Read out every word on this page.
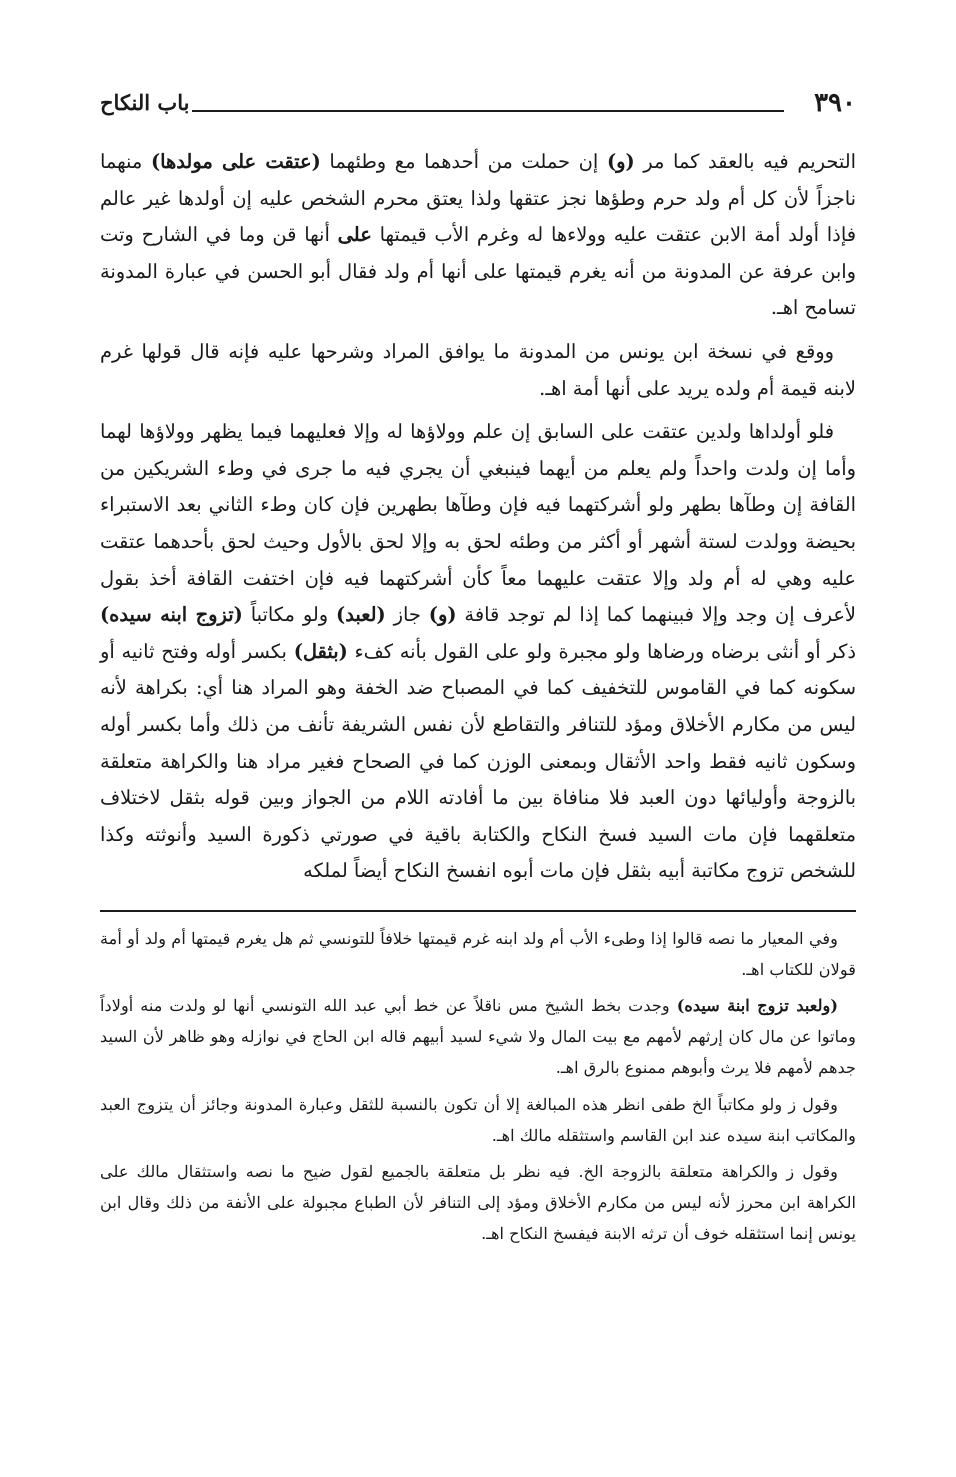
٣٩٠
باب النكاح

التحريم فيه بالعقد كما مر (و) إن حملت من أحدهما مع وطئهما (عتقت على مولدها) منهما ناجزاً لأن كل أم ولد حرم وطؤها نجز عتقها ولذا يعتق محرم الشخص عليه إن أولدها غير عالم فإذا أولد أمة الابن عتقت عليه وولاءها له وغرم الأب قيمتها على أنها قن وما في الشارح وتت وابن عرفة عن المدونة من أنه يغرم قيمتها على أنها أم ولد فقال أبو الحسن في عبارة المدونة تسامح اهـ.

ووقع في نسخة ابن يونس من المدونة ما يوافق المراد وشرحها عليه فإنه قال قولها غرم لابنه قيمة أم ولده يريد على أنها أمة اهـ.

فلو أولداها ولدين عتقت على السابق إن علم وولاؤها له وإلا فعليهما فيما يظهر وولاؤها لهما وأما إن ولدت واحداً ولم يعلم من أيهما فينبغي أن يجري فيه ما جرى في وطء الشريكين من القافة إن وطآها بطهر ولو أشركتهما فيه فإن وطآها بطهرين فإن كان وطء الثاني بعد الاستبراء بحيضة وولدت لستة أشهر أو أكثر من وطئه لحق به وإلا لحق بالأول وحيث لحق بأحدهما عتقت عليه وهي له أم ولد وإلا عتقت عليهما معاً كأن أشركتهما فيه فإن اختفت القافة أخذ بقول لأعرف إن وجد وإلا فبينهما كما إذا لم توجد قافة (و) جاز (لعبد) ولو مكاتباً (تزوج ابنه سيده) ذكر أو أنثى برضاه ورضاها ولو مجبرة ولو على القول بأنه كفء (بثقل) بكسر أوله وفتح ثانيه أو سكونه كما في القاموس للتخفيف كما في المصباح ضد الخفة وهو المراد هنا أي: بكراهة لأنه ليس من مكارم الأخلاق ومؤد للتنافر والتقاطع لأن نفس الشريفة تأنف من ذلك وأما بكسر أوله وسكون ثانيه فقط واحد الأثقال وبمعنى الوزن كما في الصحاح فغير مراد هنا والكراهة متعلقة بالزوجة وأوليائها دون العبد فلا منافاة بين ما أفادته اللام من الجواز وبين قوله بثقل لاختلاف متعلقهما فإن مات السيد فسخ النكاح والكتابة باقية في صورتي ذكورة السيد وأنوثته وكذا للشخص تزوج مكاتبة أبيه بثقل فإن مات أبوه انفسخ النكاح أيضاً لملكه

وفي المعيار ما نصه قالوا إذا وطىء الأب أم ولد ابنه غرم قيمتها خلافاً للتونسي ثم هل يغرم قيمتها أم ولد أو أمة قولان للكتاب اهـ.

(ولعبد تزوج ابنة سيده) وجدت بخط الشيخ مس ناقلاً عن خط أبي عبد الله التونسي أنها لو ولدت منه أولاداً وماتوا عن مال كان إرثهم لأمهم مع بيت المال ولا شيء لسيد أبيهم قاله ابن الحاج في نوازله وهو ظاهر لأن السيد جدهم لأمهم فلا يرث وأبوهم ممنوع بالرق اهـ.

وقول ز ولو مكاتباً الخ طفى انظر هذه المبالغة إلا أن تكون بالنسبة للثقل وعبارة المدونة وجائز أن يتزوج العبد والمكاتب ابنة سيده عند ابن القاسم واستثقله مالك اهـ.

وقول ز والكراهة متعلقة بالزوجة الخ. فيه نظر بل متعلقة بالجميع لقول ضيح ما نصه واستثقال مالك على الكراهة ابن محرز لأنه ليس من مكارم الأخلاق ومؤد إلى التنافر لأن الطباع مجبولة على الأنفة من ذلك وقال ابن يونس إنما استثقله خوف أن ترثه الابنة فيفسخ النكاح اهـ.
